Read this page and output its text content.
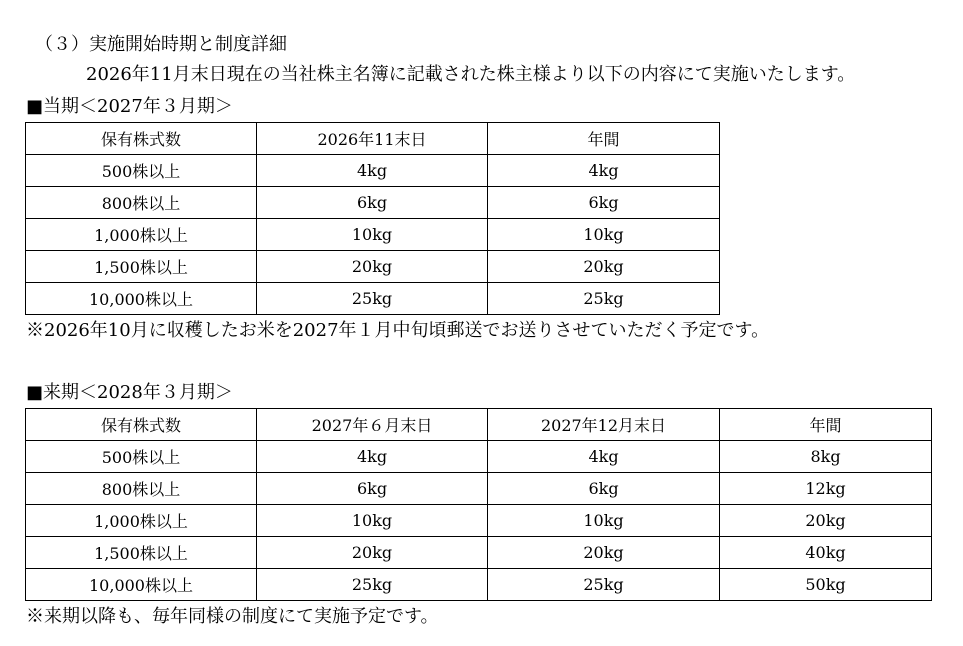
（３）実施開始時期と制度詳細
2026年11月末日現在の当社株主名簿に記載された株主様より以下の内容にて実施いたします。
■当期＜2027年３月期＞
保有株式数	2026年11末日	年間
500株以上	4kg	4kg
800株以上	6kg	6kg
1,000株以上	10kg	10kg
1,500株以上	20kg	20kg
10,000株以上	25kg	25kg
※2026年10月に収穫したお米を2027年１月中旬頃郵送でお送りさせていただく予定です。
■来期＜2028年３月期＞
保有株式数	2027年６月末日	2027年12月末日	年間
500株以上	4kg	4kg	8kg
800株以上	6kg	6kg	12kg
1,000株以上	10kg	10kg	20kg
1,500株以上	20kg	20kg	40kg
10,000株以上	25kg	25kg	50kg
※来期以降も、毎年同様の制度にて実施予定です。
